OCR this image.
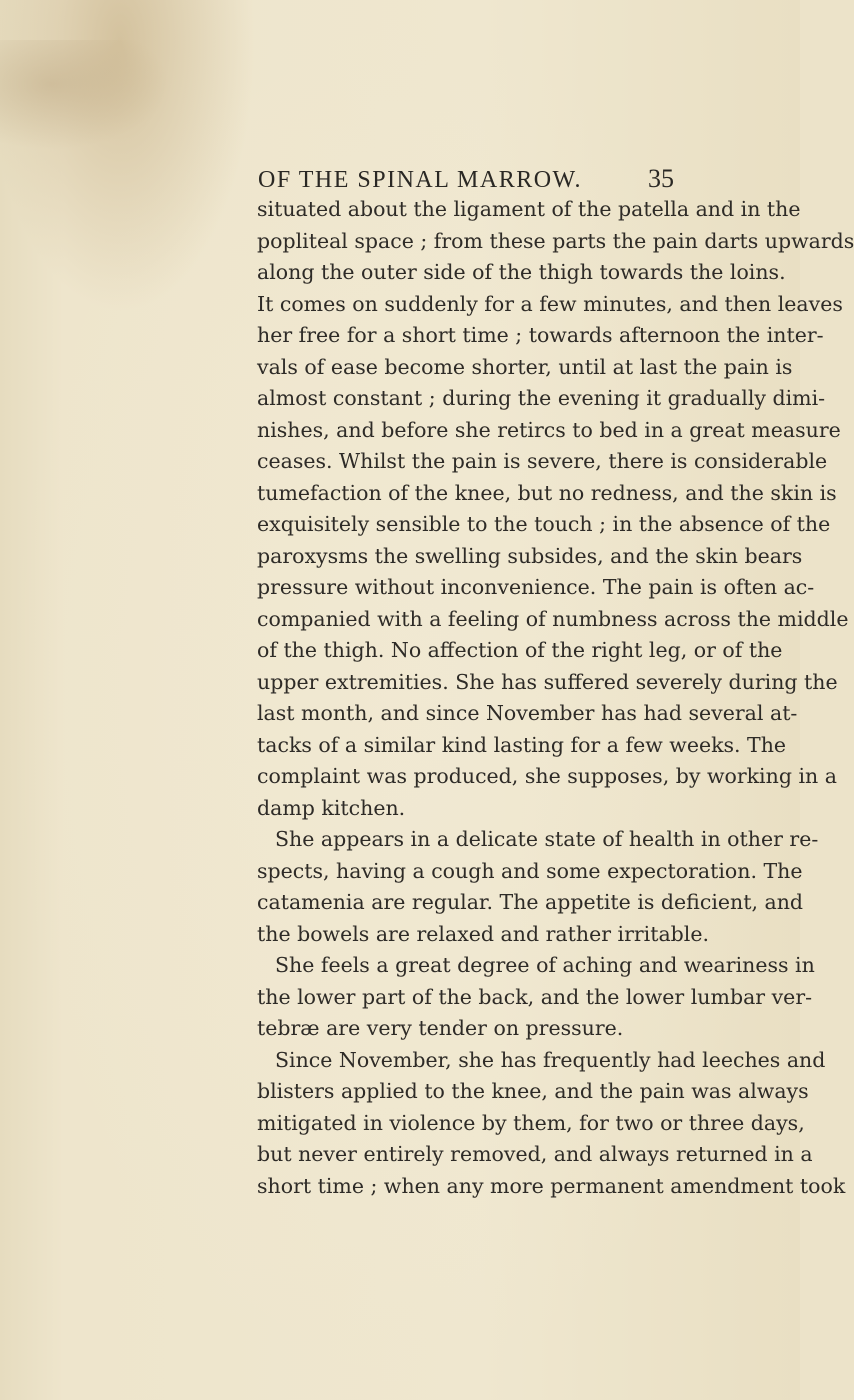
OF THE SPINAL MARROW.	35
situated about the ligament of the patella and in the
popliteal space ; from these parts the pain darts upwards
along the outer side of the thigh towards the loins.
It comes on suddenly for a few minutes, and then leaves
her free for a short time ; towards afternoon the inter-
vals of ease become shorter, until at last the pain is
almost constant ; during the evening it gradually dimi-
nishes, and before she retircs to bed in a great measure
ceases. Whilst the pain is severe, there is considerable
tumefaction of the knee, but no redness, and the skin is
exquisitely sensible to the touch ; in the absence of the
paroxysms the swelling subsides, and the skin bears
pressure without inconvenience. The pain is often ac-
companied with a feeling of numbness across the middle
of the thigh. No affection of the right leg, or of the
upper extremities. She has suffered severely during the
last month, and since November has had several at-
tacks of a similar kind lasting for a few weeks. The
complaint was produced, she supposes, by working in a
damp kitchen.
She appears in a delicate state of health in other re-
spects, having a cough and some expectoration. The
catamenia are regular. The appetite is deficient, and
the bowels are relaxed and rather irritable.
She feels a great degree of aching and weariness in
the lower part of the back, and the lower lumbar ver-
tebræ are very tender on pressure.
Since November, she has frequently had leeches and
blisters applied to the knee, and the pain was always
mitigated in violence by them, for two or three days,
but never entirely removed, and always returned in a
short time ; when any more permanent amendment took
